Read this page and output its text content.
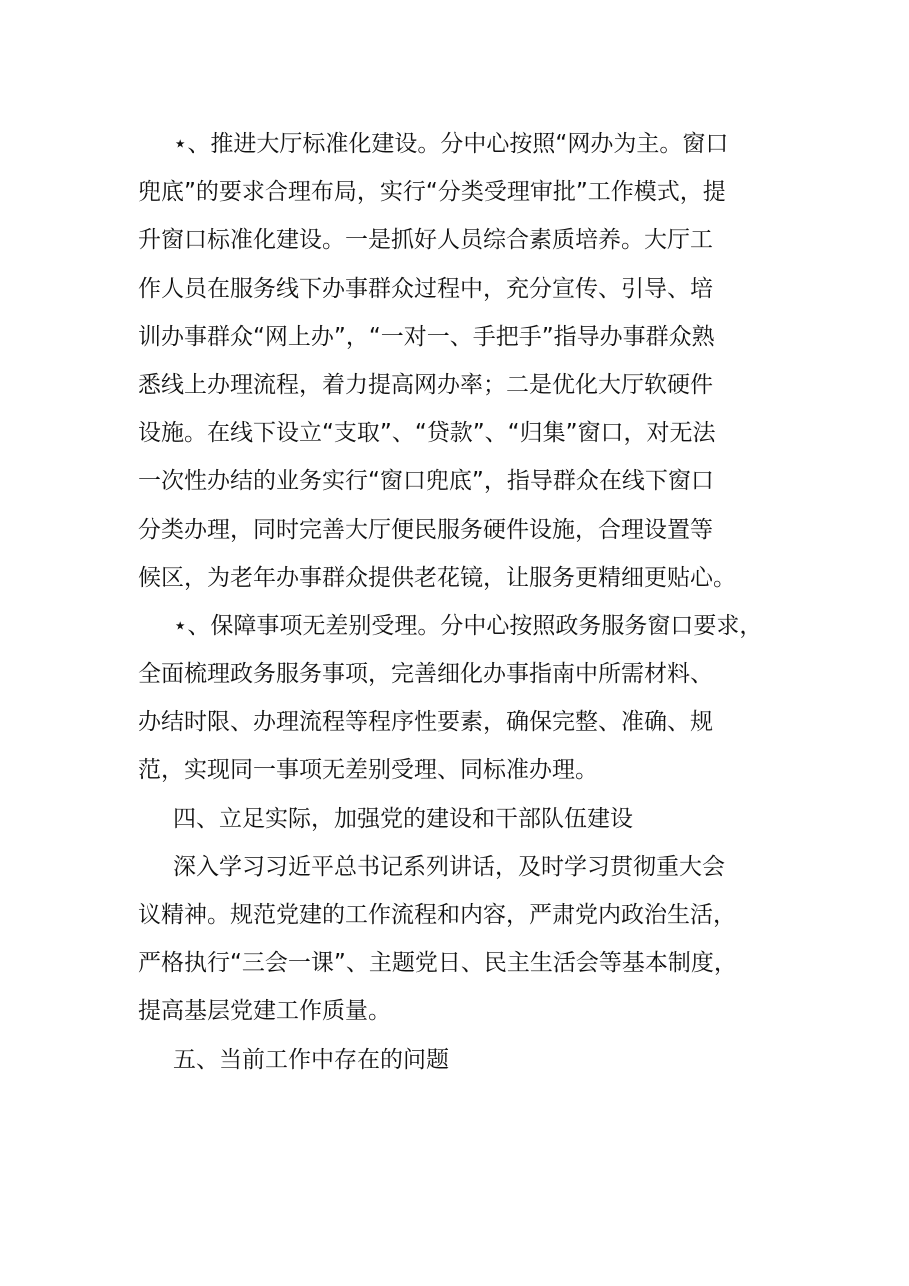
⋆、推进大厅标准化建设。分中心按照“网办为主。窗口
兜底”的要求合理布局，实行“分类受理审批”工作模式，提
升窗口标准化建设。一是抓好人员综合素质培养。大厅工
作人员在服务线下办事群众过程中，充分宣传、引导、培
训办事群众“网上办”，“一对一、手把手”指导办事群众熟
悉线上办理流程，着力提高网办率；二是优化大厅软硬件
设施。在线下设立“支取”、“贷款”、“归集”窗口，对无法
一次性办结的业务实行“窗口兜底”，指导群众在线下窗口
分类办理，同时完善大厅便民服务硬件设施，合理设置等
候区，为老年办事群众提供老花镜，让服务更精细更贴心。
⋆、保障事项无差别受理。分中心按照政务服务窗口要求，
全面梳理政务服务事项，完善细化办事指南中所需材料、
办结时限、办理流程等程序性要素，确保完整、准确、规
范，实现同一事项无差别受理、同标准办理。
四、立足实际，加强党的建设和干部队伍建设
深入学习习近平总书记系列讲话，及时学习贯彻重大会
议精神。规范党建的工作流程和内容，严肃党内政治生活，
严格执行“三会一课”、主题党日、民主生活会等基本制度，
提高基层党建工作质量。
五、当前工作中存在的问题
